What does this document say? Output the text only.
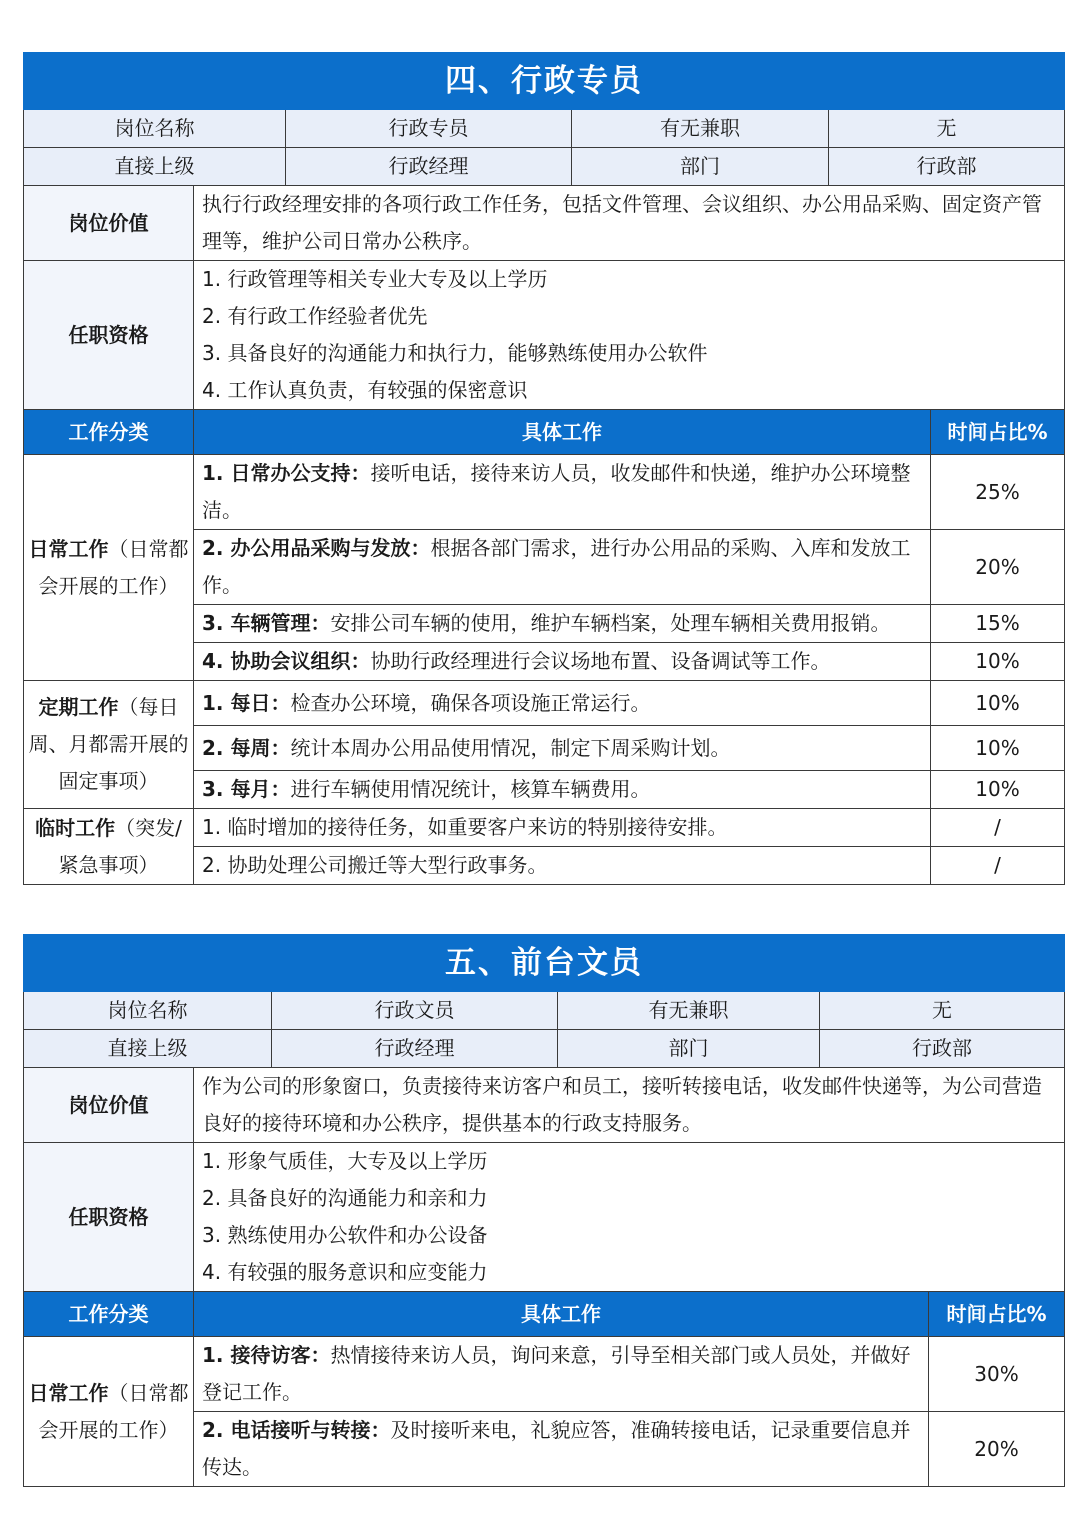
四、行政专员			
岗位名称	行政专员	有无兼职	无
直接上级	行政经理	部门	行政部
岗位价值	执行行政经理安排的各项行政工作任务，包括文件管理、会议组织、办公用品采购、固定资产管理等，维护公司日常办公秩序。	
任职资格	1. 行政管理等相关专业大专及以上学历
2. 有行政工作经验者优先
3. 具备良好的沟通能力和执行力，能够熟练使用办公软件
4. 工作认真负责，有较强的保密意识	

工作分类	具体工作	时间占比%
日常工作（日常都会开展的工作）	1. 日常办公支持：接听电话，接待来访人员，收发邮件和快递，维护办公环境整洁。	25%
	2. 办公用品采购与发放：根据各部门需求，进行办公用品的采购、入库和发放工作。	20%
	3. 车辆管理：安排公司车辆的使用，维护车辆档案，处理车辆相关费用报销。	15%
	4. 协助会议组织：协助行政经理进行会议场地布置、设备调试等工作。	10%
定期工作（每日周、月都需开展的固定事项）	1. 每日：检查办公环境，确保各项设施正常运行。	10%
	2. 每周：统计本周办公用品使用情况，制定下周采购计划。	10%
	3. 每月：进行车辆使用情况统计，核算车辆费用。	10%
临时工作（突发/紧急事项）	1. 临时增加的接待任务，如重要客户来访的特别接待安排。	/
	2. 协助处理公司搬迁等大型行政事务。	/
五、前台文员			
岗位名称	行政文员	有无兼职	无
直接上级	行政经理	部门	行政部
岗位价值	作为公司的形象窗口，负责接待来访客户和员工，接听转接电话，收发邮件快递等，为公司营造良好的接待环境和办公秩序，提供基本的行政支持服务。	
任职资格	1. 形象气质佳，大专及以上学历
2. 具备良好的沟通能力和亲和力
3. 熟练使用办公软件和办公设备
4. 有较强的服务意识和应变能力	

工作分类	具体工作	时间占比%
日常工作（日常都会开展的工作）	1. 接待访客：热情接待来访人员，询问来意，引导至相关部门或人员处，并做好登记工作。	30%
	2. 电话接听与转接：及时接听来电，礼貌应答，准确转接电话，记录重要信息并传达。	20%
